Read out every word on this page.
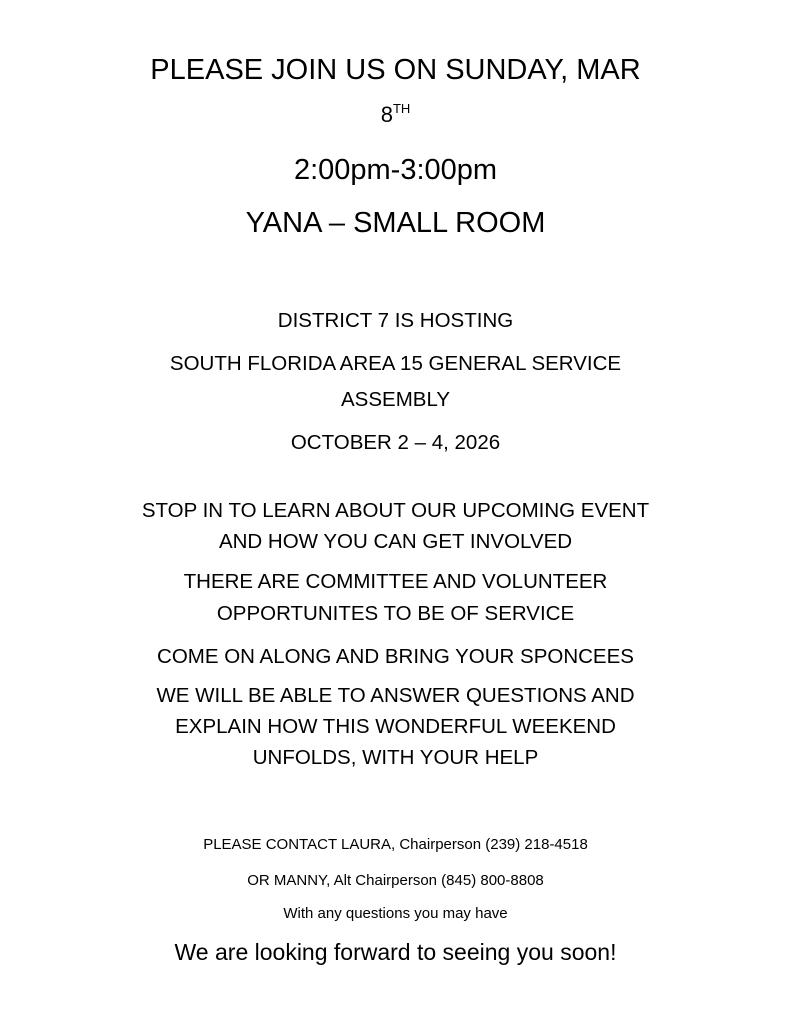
PLEASE JOIN US ON SUNDAY, MAR
8TH
2:00pm-3:00pm
YANA – SMALL ROOM
DISTRICT 7 IS HOSTING
SOUTH FLORIDA AREA 15 GENERAL SERVICE
ASSEMBLY
OCTOBER 2 – 4, 2026
STOP IN TO LEARN ABOUT OUR UPCOMING EVENT
AND HOW YOU CAN GET INVOLVED
THERE ARE COMMITTEE AND VOLUNTEER
OPPORTUNITES TO BE OF SERVICE
COME ON ALONG AND BRING YOUR SPONCEES
WE WILL BE ABLE TO ANSWER QUESTIONS AND
EXPLAIN HOW THIS WONDERFUL WEEKEND
UNFOLDS, WITH YOUR HELP
PLEASE CONTACT LAURA, Chairperson (239) 218-4518
OR MANNY, Alt Chairperson (845) 800-8808
With any questions you may have
We are looking forward to seeing you soon!
